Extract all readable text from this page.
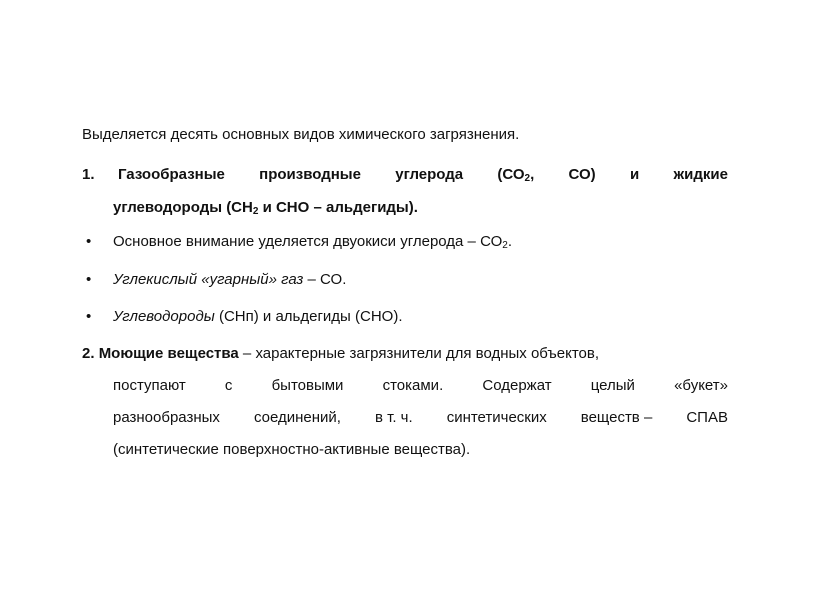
Выделяется десять основных видов химического загрязнения.
1. Газообразные производные углерода ($СО_2$, СО) и жидкие
углеводороды ($СН_2$ и СНО – альдегиды).
• Основное внимание уделяется двуокиси углерода – $СО_2$.
• Углекислый «угарный» газ – СО.
• Углеводороды (СНп) и альдегиды (СНО).
2. Моющие вещества – характерные загрязнители для водных объектов,
поступают	с	бытовыми	стоками.	Содержат	целый	«букет»
разнообразных соединений, в т. ч. синтетических веществ – СПАВ
(синтетические поверхностно-активные вещества).
